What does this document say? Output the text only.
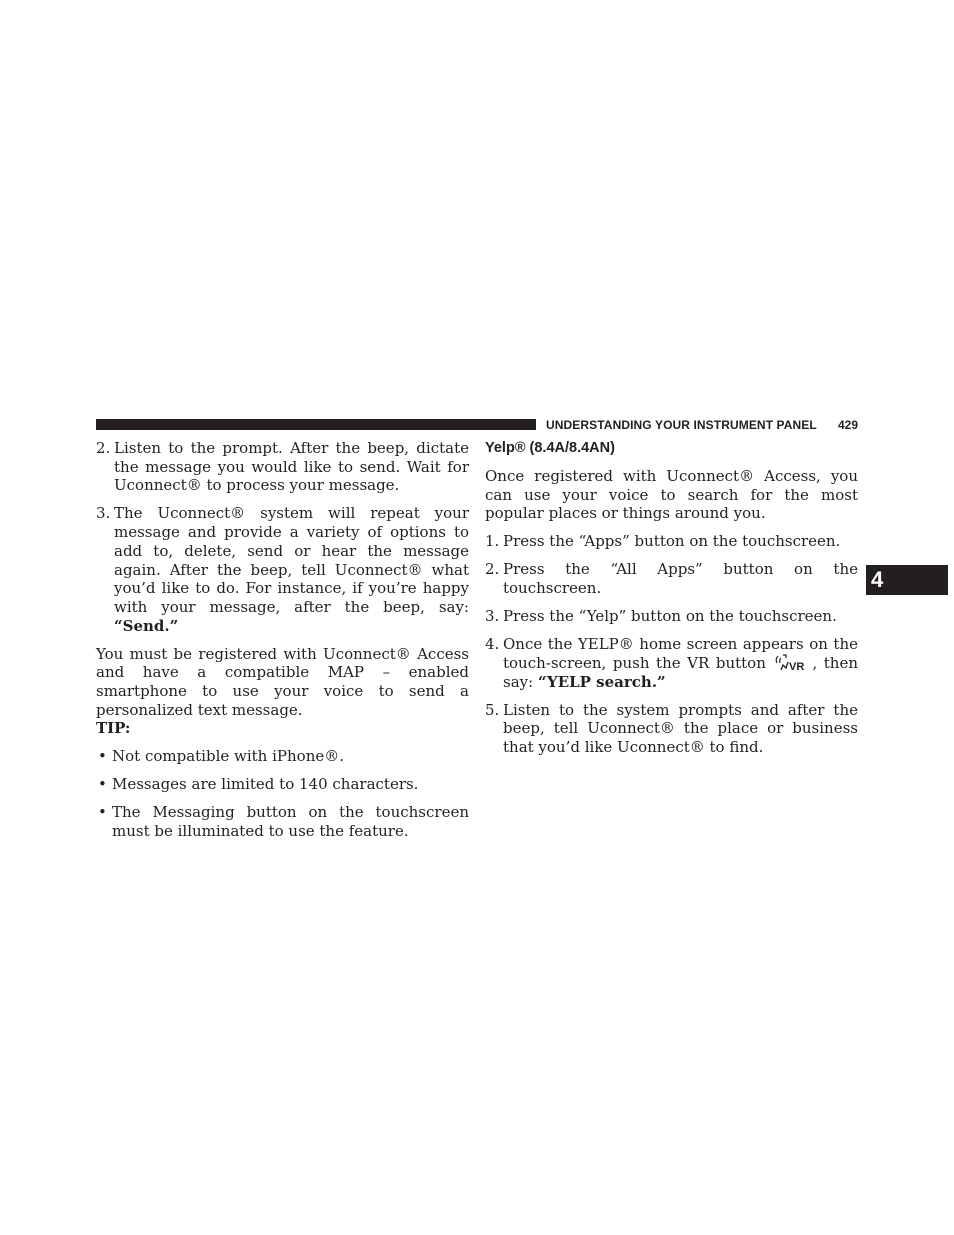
UNDERSTANDING YOUR INSTRUMENT PANEL 429
4
2. Listen to the prompt. After the beep, dictate the message you would like to send. Wait for Uconnect® to process your message.
3. The Uconnect® system will repeat your message and provide a variety of options to add to, delete, send or hear the message again. After the beep, tell Uconnect® what you’d like to do. For instance, if you’re happy with your message, after the beep, say: “Send.”

You must be registered with Uconnect® Access and have a compatible MAP – enabled smartphone to use your voice to send a personalized text message.

TIP:

• Not compatible with iPhone®.
• Messages are limited to 140 characters.
• The Messaging button on the touchscreen must be illuminated to use the feature.
Yelp® (8.4A/8.4AN)

Once registered with Uconnect® Access, you can use your voice to search for the most popular places or things around you.

1. Press the “Apps” button on the touchscreen.
2. Press the “All Apps” button on the touchscreen.
3. Press the “Yelp” button on the touchscreen.
4. Once the YELP® home screen appears on the touch-screen, push the VR button VR , then say: “YELP search.”
5. Listen to the system prompts and after the beep, tell Uconnect® the place or business that you’d like Uconnect® to find.
